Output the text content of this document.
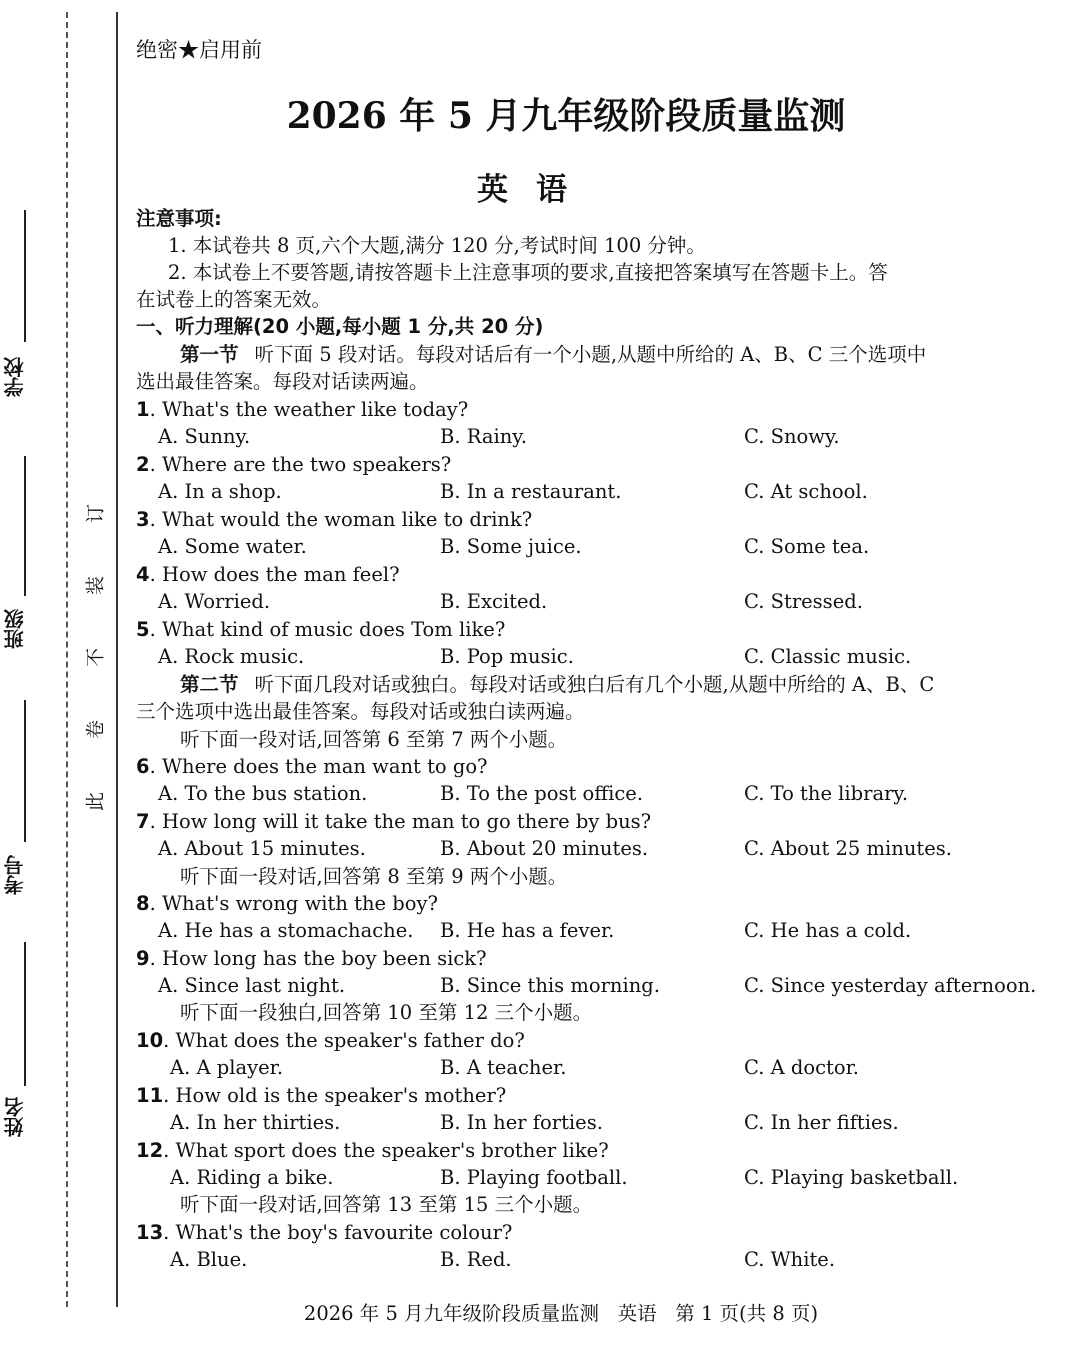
学校
班级
考号
姓名
订
装
不
卷
此
绝密★启用前
2026 年 5 月九年级阶段质量监测
英语
注意事项:
1. 本试卷共 8 页,六个大题,满分 120 分,考试时间 100 分钟。
2. 本试卷上不要答题,请按答题卡上注意事项的要求,直接把答案填写在答题卡上。答
在试卷上的答案无效。
一、听力理解(20 小题,每小题 1 分,共 20 分)
第一节 听下面 5 段对话。每段对话后有一个小题,从题中所给的 A、B、C 三个选项中
选出最佳答案。每段对话读两遍。
1. What's the weather like today?
A. Sunny.	B. Rainy.	C. Snowy.
2. Where are the two speakers?
A. In a shop.	B. In a restaurant.	C. At school.
3. What would the woman like to drink?
A. Some water.	B. Some juice.	C. Some tea.
4. How does the man feel?
A. Worried.	B. Excited.	C. Stressed.
5. What kind of music does Tom like?
A. Rock music.	B. Pop music.	C. Classic music.
第二节 听下面几段对话或独白。每段对话或独白后有几个小题,从题中所给的 A、B、C
三个选项中选出最佳答案。每段对话或独白读两遍。
听下面一段对话,回答第 6 至第 7 两个小题。
6. Where does the man want to go?
A. To the bus station.	B. To the post office.	C. To the library.
7. How long will it take the man to go there by bus?
A. About 15 minutes.	B. About 20 minutes.	C. About 25 minutes.
听下面一段对话,回答第 8 至第 9 两个小题。
8. What's wrong with the boy?
A. He has a stomachache. B. He has a fever.	C. He has a cold.
9. How long has the boy been sick?
A. Since last night.	B. Since this morning.	C. Since yesterday afternoon.
听下面一段独白,回答第 10 至第 12 三个小题。
10. What does the speaker's father do?
A. A player.	B. A teacher.	C. A doctor.
11. How old is the speaker's mother?
A. In her thirties.	B. In her forties.	C. In her fifties.
12. What sport does the speaker's brother like?
A. Riding a bike.	B. Playing football.	C. Playing basketball.
听下面一段对话,回答第 13 至第 15 三个小题。
13. What's the boy's favourite colour?
A. Blue.	B. Red.	C. White.
2026 年 5 月九年级阶段质量监测   英语   第 1 页(共 8 页)
